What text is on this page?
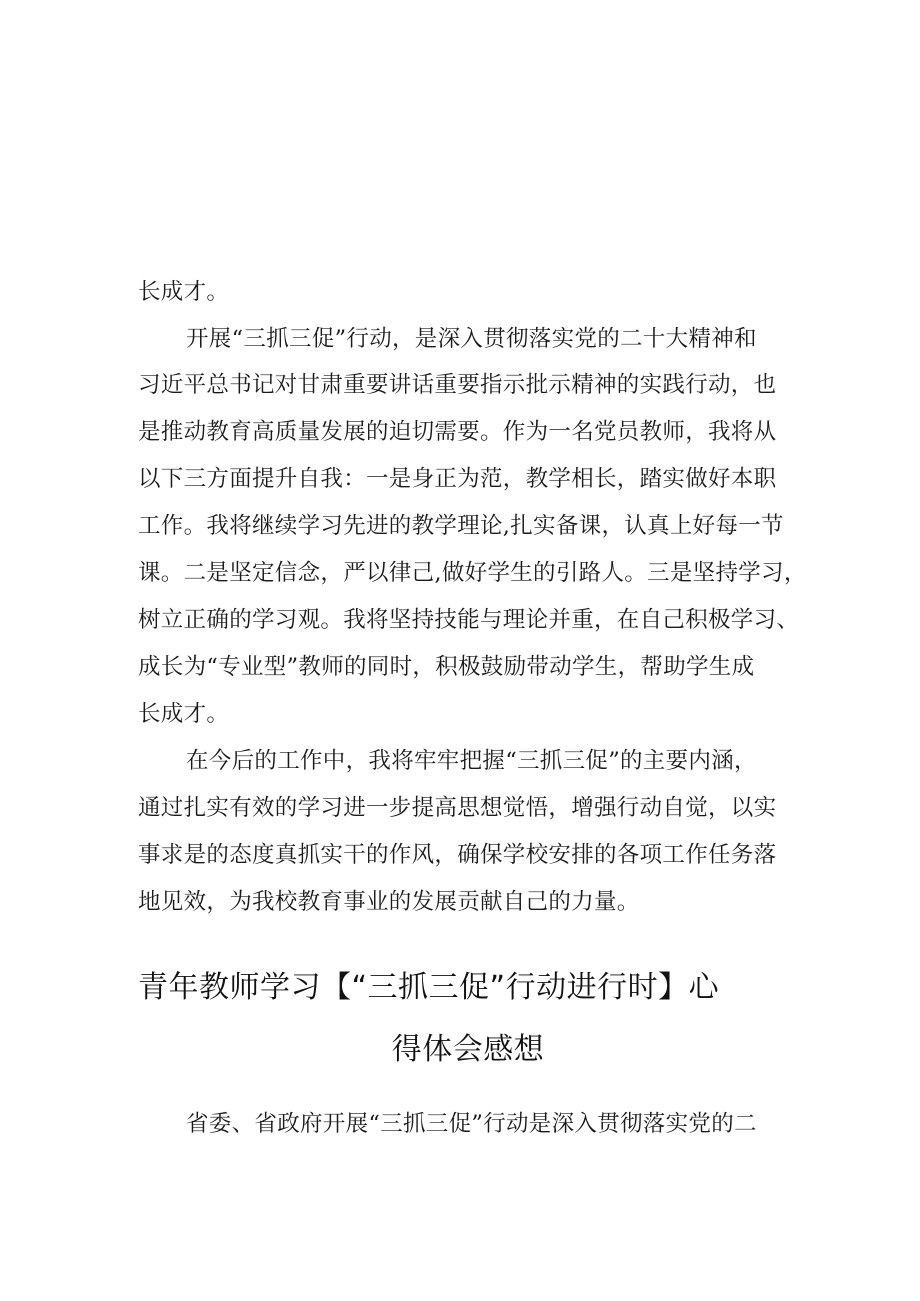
长成才。
开展“三抓三促”行动，是深入贯彻落实党的二十大精神和
习近平总书记对甘肃重要讲话重要指示批示精神的实践行动，也
是推动教育高质量发展的迫切需要。作为一名党员教师，我将从
以下三方面提升自我：一是身正为范，教学相长，踏实做好本职
工作。我将继续学习先进的教学理论,扎实备课，认真上好每一节
课。二是坚定信念，严以律己,做好学生的引路人。三是坚持学习，
树立正确的学习观。我将坚持技能与理论并重，在自己积极学习、
成长为“专业型”教师的同时，积极鼓励带动学生，帮助学生成
长成才。
在今后的工作中，我将牢牢把握“三抓三促”的主要内涵，
通过扎实有效的学习进一步提高思想觉悟，增强行动自觉，以实
事求是的态度真抓实干的作风，确保学校安排的各项工作任务落
地见效，为我校教育事业的发展贡献自己的力量。
青年教师学习【“三抓三促”行动进行时】心
得体会感想
省委、省政府开展“三抓三促”行动是深入贯彻落实党的二
